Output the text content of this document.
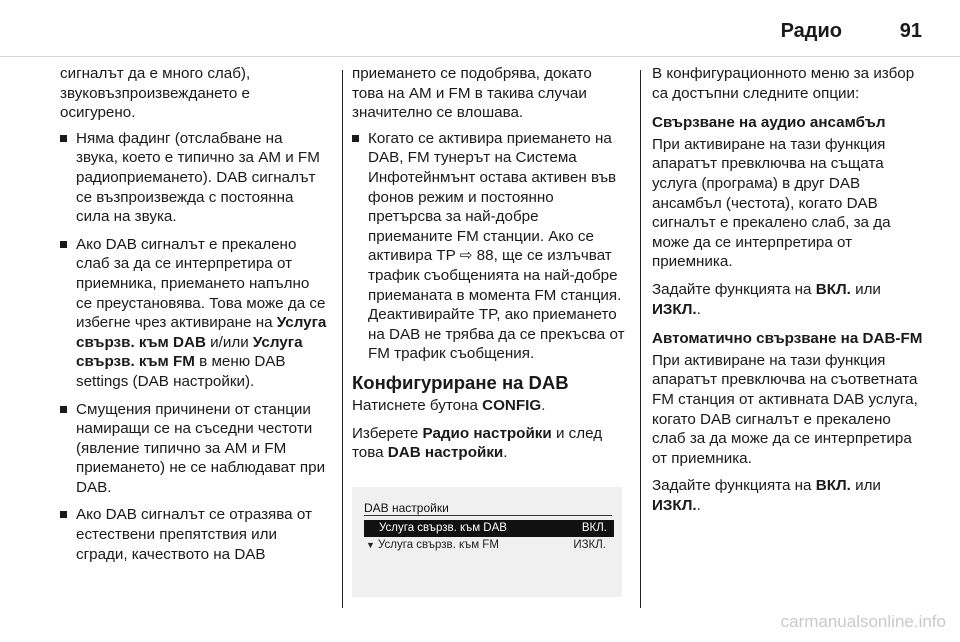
Радио	91

сигналът да е много слаб), звуковъзпроизвеждането е осигурено.

Няма фадинг (отслабване на звука, което е типично за AM и FM радиоприемането). DAB сигналът се възпроизвежда с постоянна сила на звука.
Ако DAB сигналът е прекалено слаб за да се интерпретира от приемника, приемането напълно се преустановява. Това може да се избегне чрез активиране на Услуга свързв. към DAB и/или Услуга свързв. към FM в меню DAB settings (DAB настройки).
Смущения причинени от станции намиращи се на съседни честоти (явление типично за AM и FM приемането) не се наблюдават при DAB.
Ако DAB сигналът се отразява от естествени препятствия или сгради, качеството на DAB

приемането се подобрява, докато това на AM и FM в такива случаи значително се влошава.

Когато се активира приемането на DAB, FM тунерът на Система Инфотейнмънт остава активен във фонов режим и постоянно претърсва за най-добре приеманите FM станции. Ако се активира TP ⇨ 88, ще се излъчват трафик съобщенията на най-добре приеманата в момента FM станция. Деактивирайте TP, ако приемането на DAB не трябва да се прекъсва от FM трафик съобщения.
Конфигуриране на DAB

Натиснете бутона CONFIG.

Изберете Радио настройки и след това DAB настройки.

DAB настройки
Услуга свързв. към DAB	ВКЛ.
▼ Услуга свързв. към FM	ИЗКЛ.

В конфигурационното меню за избор са достъпни следните опции:

Свързване на аудио ансамбъл

При активиране на тази функция апаратът превключва на същата услуга (програма) в друг DAB ансамбъл (честота), когато DAB сигналът е прекалено слаб, за да може да се интерпретира от приемника.

Задайте функцията на ВКЛ. или ИЗКЛ..

Автоматично свързване на DAB-FM

При активиране на тази функция апаратът превключва на съответната FM станция от активната DAB услуга, когато DAB сигналът е прекалено слаб за да може да се интерпретира от приемника.

Задайте функцията на ВКЛ. или ИЗКЛ..

carmanualsonline.info
